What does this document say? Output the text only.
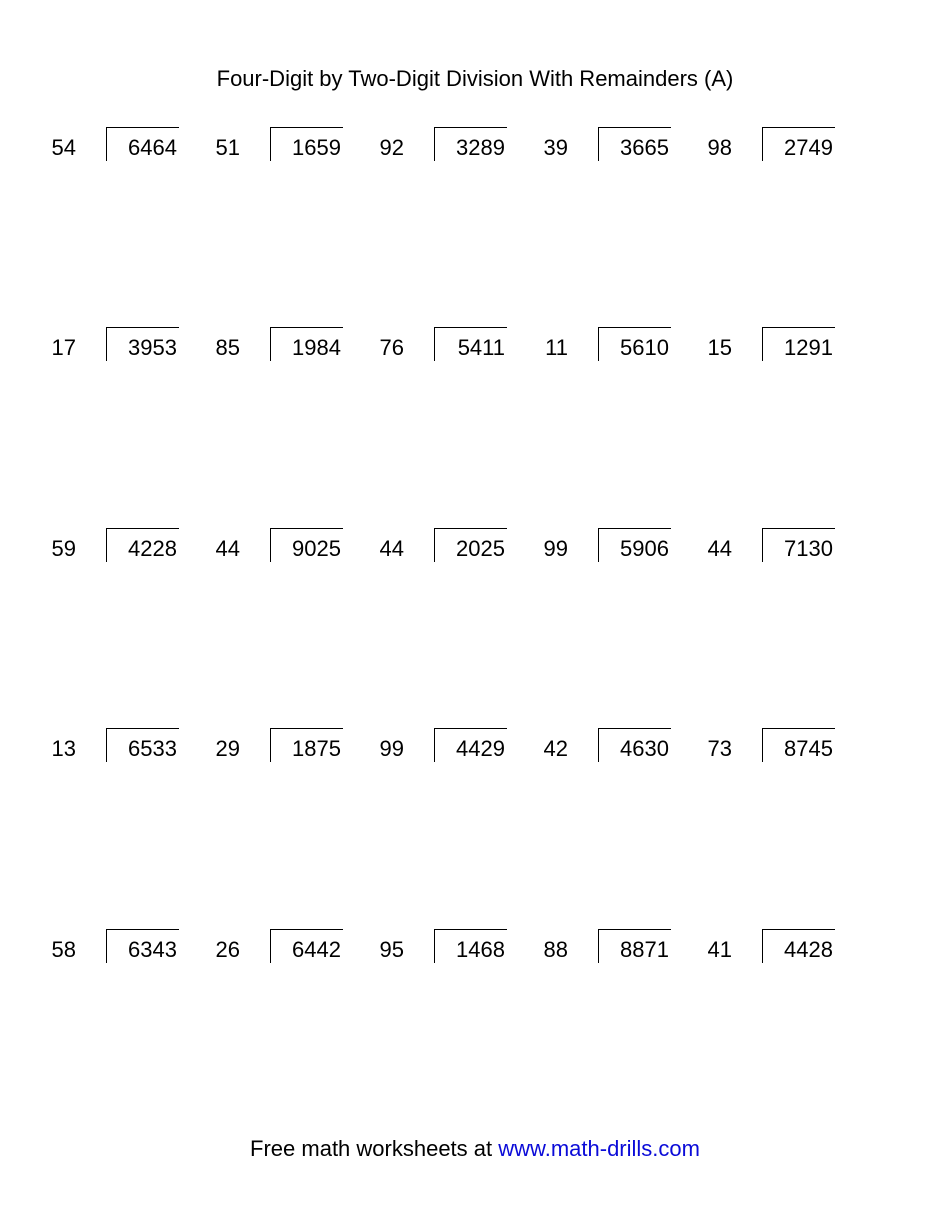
Four-Digit by Two-Digit Division With Remainders (A)
54	6464 51	1659 92	3289 39	3665 98	2749
17	3953 85	1984 76	5411 11	5610 15	1291
59	4228 44	9025 44	2025 99	5906 44	7130
13	6533 29	1875 99	4429 42	4630 73	8745
58	6343 26	6442 95	1468 88	8871 41	4428
Free math worksheets at www.math-drills.com
